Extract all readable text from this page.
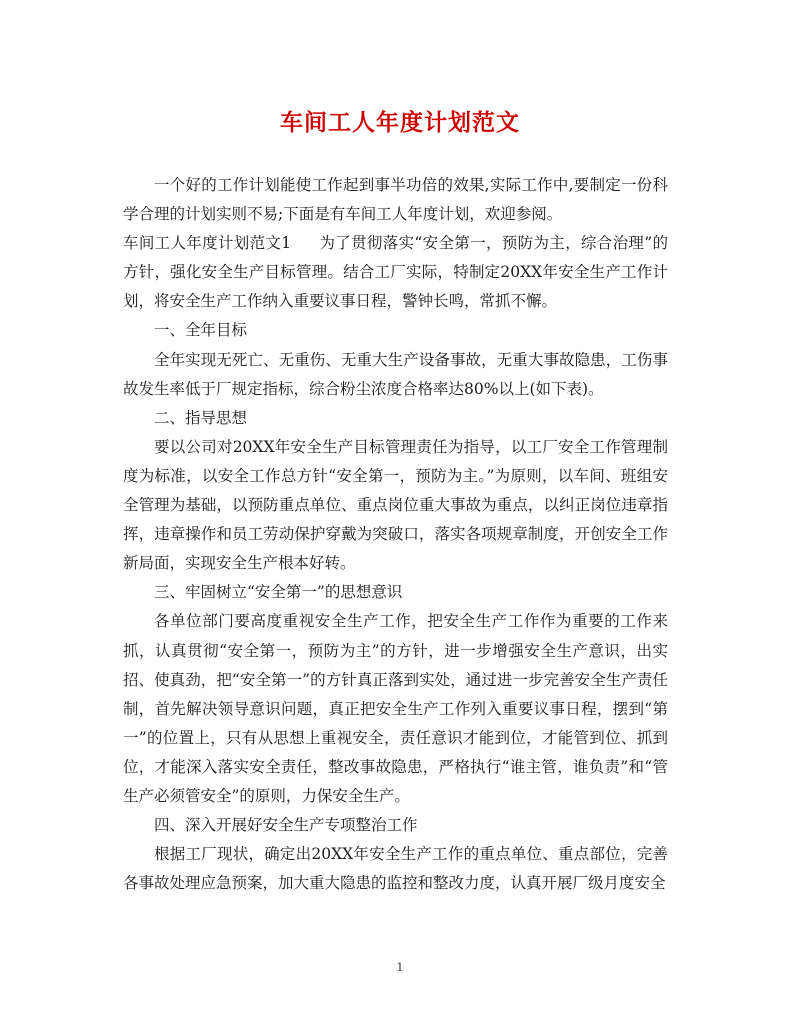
车间工人年度计划范文

一个好的工作计划能使工作起到事半功倍的效果,实际工作中,要制定一份科学合理的计划实则不易;下面是有车间工人年度计划，欢迎参阅。

车间工人年度计划范文1 为了贯彻落实“安全第一，预防为主，综合治理”的方针，强化安全生产目标管理。结合工厂实际，特制定20XX年安全生产工作计划，将安全生产工作纳入重要议事日程，警钟长鸣，常抓不懈。

一、全年目标

全年实现无死亡、无重伤、无重大生产设备事故，无重大事故隐患，工伤事故发生率低于厂规定指标，综合粉尘浓度合格率达80%以上(如下表)。

二、指导思想

要以公司对20XX年安全生产目标管理责任为指导，以工厂安全工作管理制度为标准，以安全工作总方针“安全第一，预防为主。”为原则，以车间、班组安全管理为基础，以预防重点单位、重点岗位重大事故为重点，以纠正岗位违章指挥，违章操作和员工劳动保护穿戴为突破口，落实各项规章制度，开创安全工作新局面，实现安全生产根本好转。

三、牢固树立“安全第一”的思想意识

各单位部门要高度重视安全生产工作，把安全生产工作作为重要的工作来抓，认真贯彻“安全第一，预防为主”的方针，进一步增强安全生产意识，出实招、使真劲，把“安全第一”的方针真正落到实处，通过进一步完善安全生产责任制，首先解决领导意识问题，真正把安全生产工作列入重要议事日程，摆到“第一”的位置上，只有从思想上重视安全，责任意识才能到位，才能管到位、抓到位，才能深入落实安全责任，整改事故隐患，严格执行“谁主管，谁负责”和“管生产必须管安全”的原则，力保安全生产。

四、深入开展好安全生产专项整治工作

根据工厂现状，确定出20XX年安全生产工作的重点单位、重点部位，完善各事故处理应急预案，加大重大隐患的监控和整改力度，认真开展厂级月度安全

1
